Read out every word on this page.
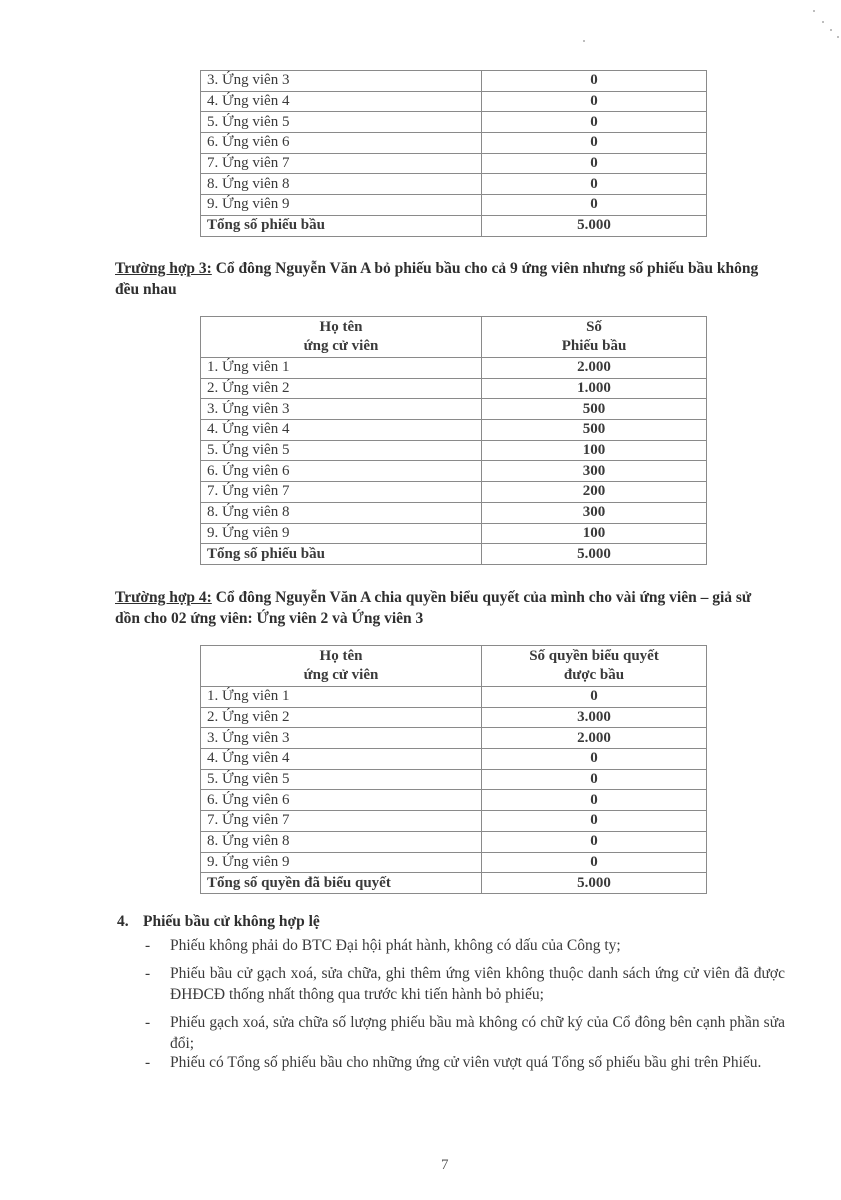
3. Ứng viên 3	0
4. Ứng viên 4	0
5. Ứng viên 5	0
6. Ứng viên 6	0
7. Ứng viên 7	0
8. Ứng viên 8	0
9. Ứng viên 9	0
Tổng số phiếu bầu	5.000
Trường hợp 3: Cổ đông Nguyễn Văn A bỏ phiếu bầu cho cả 9 ứng viên nhưng số phiếu bầu không đều nhau
Họ tên
ứng cử viên	Số
Phiếu bầu
1. Ứng viên 1	2.000
2. Ứng viên 2	1.000
3. Ứng viên 3	500
4. Ứng viên 4	500
5. Ứng viên 5	100
6. Ứng viên 6	300
7. Ứng viên 7	200
8. Ứng viên 8	300
9. Ứng viên 9	100
Tổng số phiếu bầu	5.000
Trường hợp 4: Cổ đông Nguyễn Văn A chia quyền biểu quyết của mình cho vài ứng viên – giả sử dồn cho 02 ứng viên: Ứng viên 2 và Ứng viên 3
Họ tên
ứng cử viên	Số quyền biểu quyết
được bầu
1. Ứng viên 1	0
2. Ứng viên 2	3.000
3. Ứng viên 3	2.000
4. Ứng viên 4	0
5. Ứng viên 5	0
6. Ứng viên 6	0
7. Ứng viên 7	0
8. Ứng viên 8	0
9. Ứng viên 9	0
Tổng số quyền đã biểu quyết	5.000
4. Phiếu bầu cử không hợp lệ
- Phiếu không phải do BTC Đại hội phát hành, không có dấu của Công ty;
- Phiếu bầu cử gạch xoá, sửa chữa, ghi thêm ứng viên không thuộc danh sách ứng cử viên đã được ĐHĐCĐ thống nhất thông qua trước khi tiến hành bỏ phiếu;
- Phiếu gạch xoá, sửa chữa số lượng phiếu bầu mà không có chữ ký của Cổ đông bên cạnh phần sửa đổi;
- Phiếu có Tổng số phiếu bầu cho những ứng cử viên vượt quá Tổng số phiếu bầu ghi trên Phiếu.
7
